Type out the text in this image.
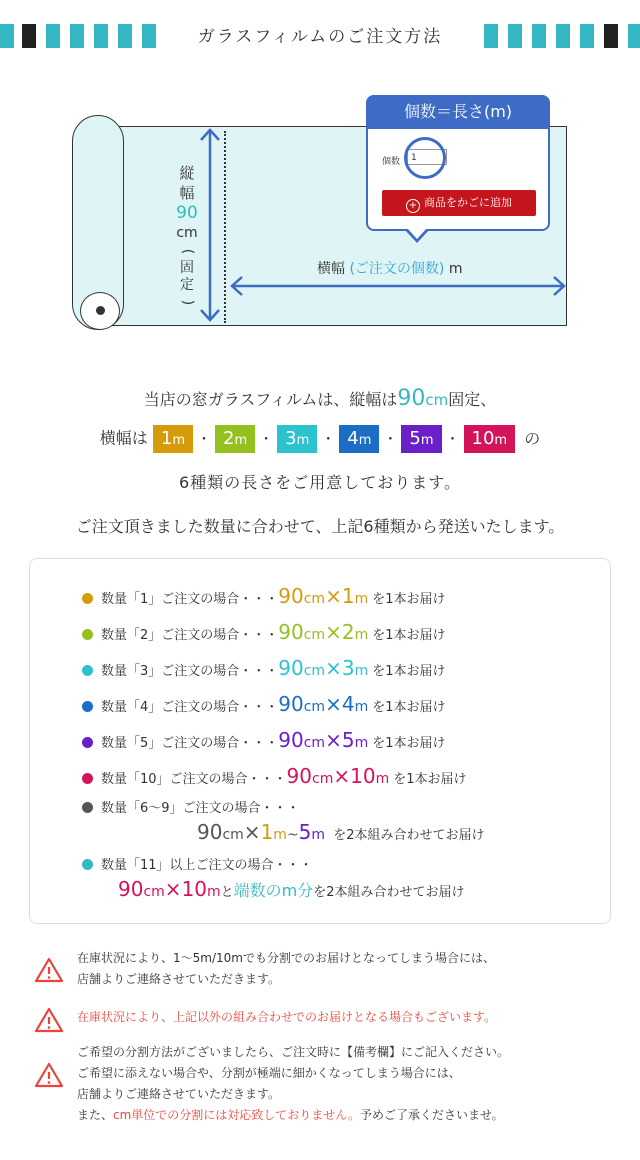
ガラスフィルムのご注文方法
縦
幅
90
cm
(
固
定
)
横幅 (ご注文の個数) m
個数＝長さ(m)
個数	1
+ 商品をかごに追加
当店の窓ガラスフィルムは、縦幅は90cm固定、
横幅は 1m ・ 2m ・ 3m ・ 4m ・ 5m ・ 10m の
6種類の長さをご用意しております。
ご注文頂きました数量に合わせて、上記6種類から発送いたします。
数量「1」ご注文の場合・・・90cm×1m を1本お届け
数量「2」ご注文の場合・・・90cm×2m を1本お届け
数量「3」ご注文の場合・・・90cm×3m を1本お届け
数量「4」ご注文の場合・・・90cm×4m を1本お届け
数量「5」ご注文の場合・・・90cm×5m を1本お届け
数量「10」ご注文の場合・・・90cm×10m を1本お届け
数量「6～9」ご注文の場合・・・
90cm×1m~5m を2本組み合わせてお届け
数量「11」以上ご注文の場合・・・
90cm×10mと端数のm分を2本組み合わせてお届け
在庫状況により、1～5m/10mでも分割でのお届けとなってしまう場合には、
店舗よりご連絡させていただきます。
在庫状況により、上記以外の組み合わせでのお届けとなる場合もございます。
ご希望の分割方法がございましたら、ご注文時に【備考欄】にご記入ください。
ご希望に添えない場合や、分割が極端に細かくなってしまう場合には、
店舗よりご連絡させていただきます。
また、cm単位での分割には対応致しておりません。予めご了承くださいませ。
